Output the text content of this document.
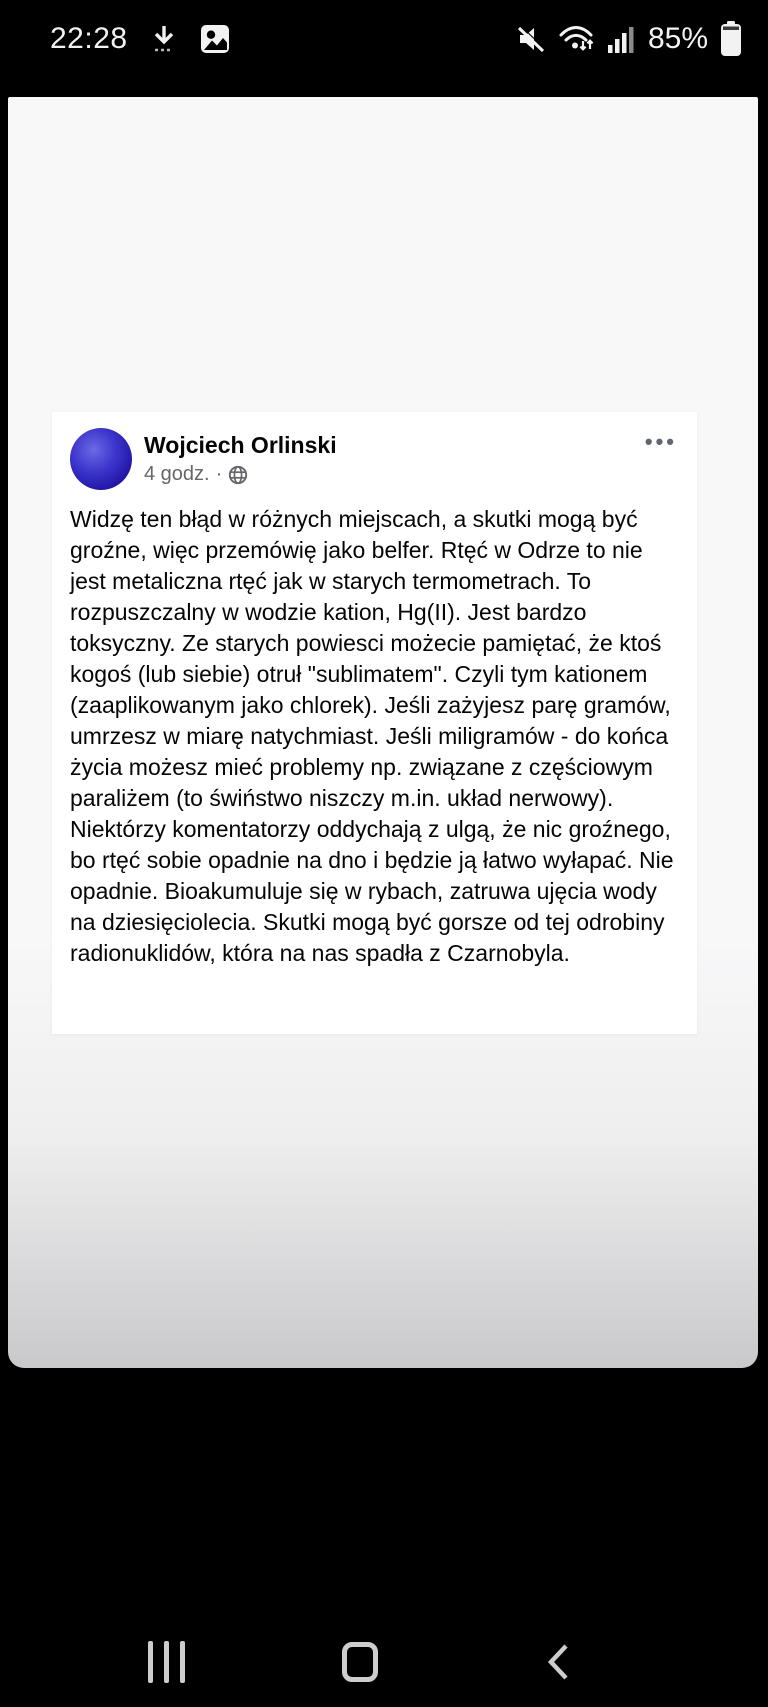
22:28	85%
Wojciech Orlinski
4 godz. ·
•••

Widzę ten błąd w różnych miejscach, a skutki mogą być groźne, więc przemówię jako belfer. Rtęć w Odrze to nie jest metaliczna rtęć jak w starych termometrach. To rozpuszczalny w wodzie kation, Hg(II). Jest bardzo toksyczny. Ze starych powiesci możecie pamiętać, że ktoś kogoś (lub siebie) otruł "sublimatem". Czyli tym kationem (zaaplikowanym jako chlorek). Jeśli zażyjesz parę gramów, umrzesz w miarę natychmiast. Jeśli miligramów - do końca życia możesz mieć problemy np. związane z częściowym paraliżem (to świństwo niszczy m.in. układ nerwowy).

Niektórzy komentatorzy oddychają z ulgą, że nic groźnego, bo rtęć sobie opadnie na dno i będzie ją łatwo wyłapać. Nie opadnie. Bioakumuluje się w rybach, zatruwa ujęcia wody na dziesięciolecia. Skutki mogą być gorsze od tej odrobiny radionuklidów, która na nas spadła z Czarnobyla.
